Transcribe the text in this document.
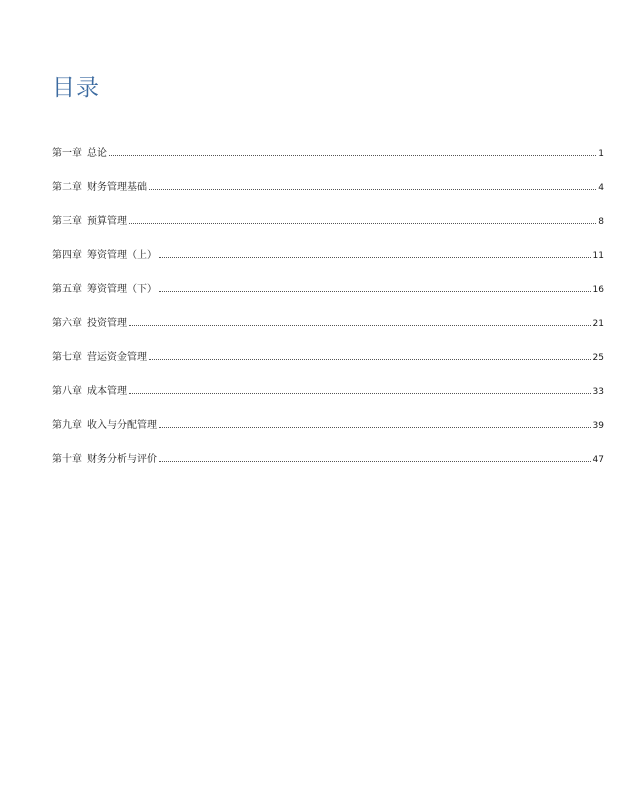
目录
第一章 总论	1
第二章 财务管理基础	4
第三章 预算管理	8
第四章 筹资管理（上）	11
第五章 筹资管理（下）	16
第六章 投资管理	21
第七章 营运资金管理	25
第八章 成本管理	33
第九章 收入与分配管理	39
第十章 财务分析与评价	47
